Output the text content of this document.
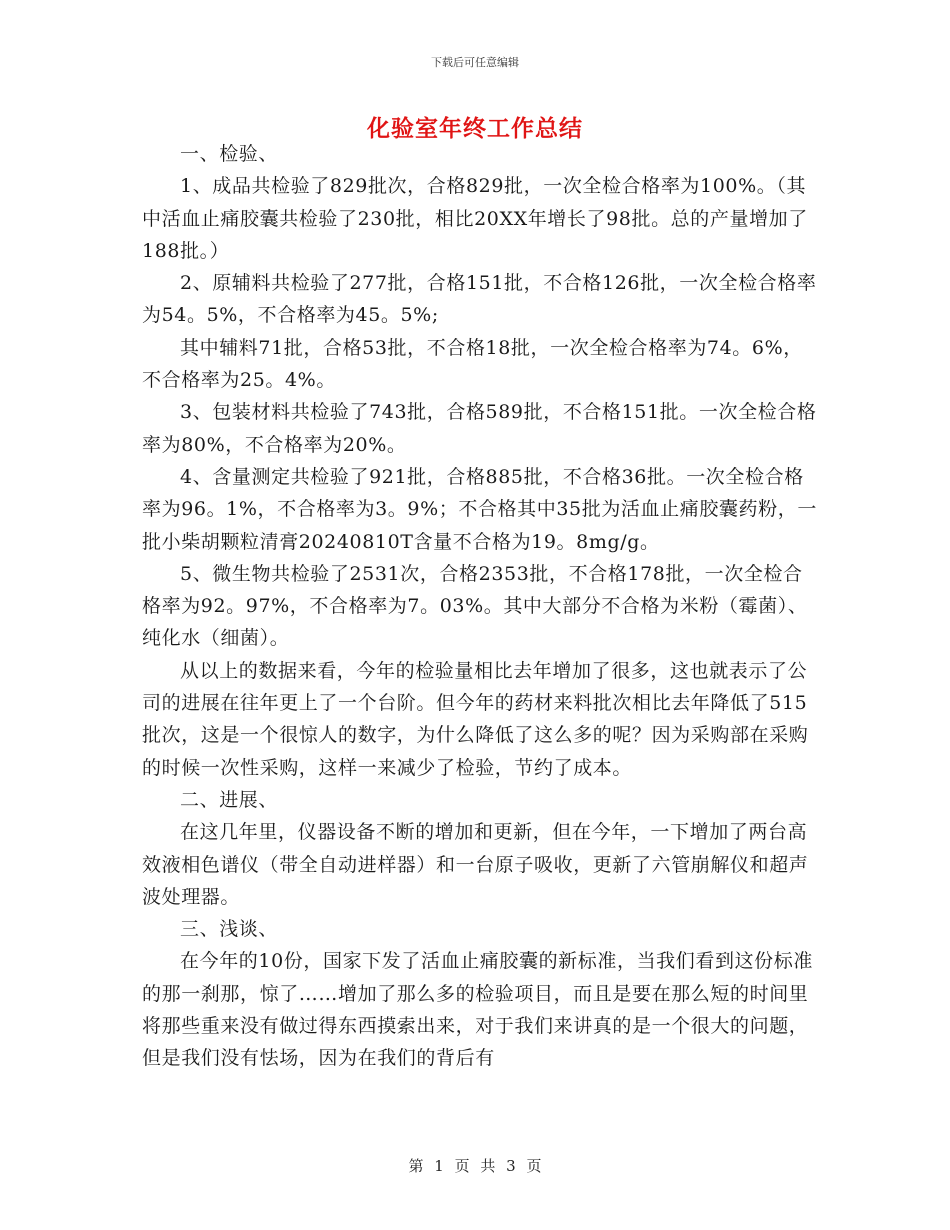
下载后可任意编辑
化验室年终工作总结

一、检验、

1、成品共检验了829批次，合格829批，一次全检合格率为100%。（其中活血止痛胶囊共检验了230批，相比20XX年增长了98批。总的产量增加了188批。）

2、原辅料共检验了277批，合格151批，不合格126批，一次全检合格率为54。5%，不合格率为45。5%;

其中辅料71批，合格53批，不合格18批，一次全检合格率为74。6%，不合格率为25。4%。

3、包装材料共检验了743批，合格589批，不合格151批。一次全检合格率为80%，不合格率为20%。

4、含量测定共检验了921批，合格885批，不合格36批。一次全检合格率为96。1%，不合格率为3。9%；不合格其中35批为活血止痛胶囊药粉，一批小柴胡颗粒清膏20240810T含量不合格为19。8mg/g。

5、微生物共检验了2531次，合格2353批，不合格178批，一次全检合格率为92。97%，不合格率为7。03%。其中大部分不合格为米粉（霉菌）、纯化水（细菌）。

从以上的数据来看，今年的检验量相比去年增加了很多，这也就表示了公司的进展在往年更上了一个台阶。但今年的药材来料批次相比去年降低了515批次，这是一个很惊人的数字，为什么降低了这么多的呢？因为采购部在采购的时候一次性采购，这样一来减少了检验，节约了成本。

二、进展、

在这几年里，仪器设备不断的增加和更新，但在今年，一下增加了两台高效液相色谱仪（带全自动进样器）和一台原子吸收，更新了六管崩解仪和超声波处理器。

三、浅谈、

在今年的10份，国家下发了活血止痛胶囊的新标准，当我们看到这份标准的那一刹那，惊了……增加了那么多的检验项目，而且是要在那么短的时间里将那些重来没有做过得东西摸索出来，对于我们来讲真的是一个很大的问题，但是我们没有怯场，因为在我们的背后有

第 1 页 共 3 页
